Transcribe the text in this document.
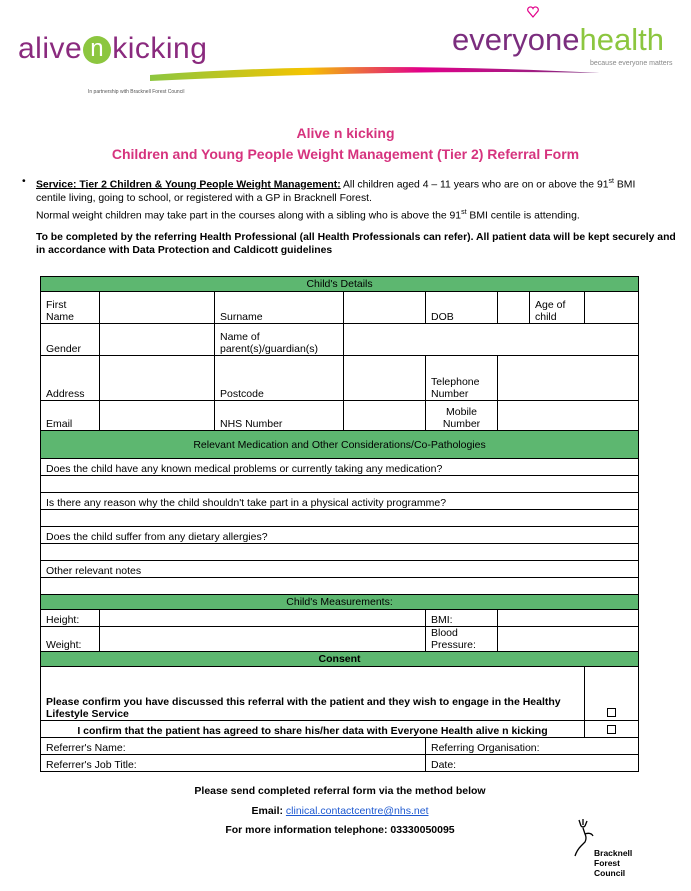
alive n kicking
In partnership with Bracknell Forest Council
everyonehealth
because everyone matters
Alive n kicking
Children and Young People Weight Management (Tier 2) Referral Form
• Service: Tier 2 Children & Young People Weight Management: All children aged 4 – 11 years who are on or above the 91st BMI centile living, going to school, or registered with a GP in Bracknell Forest.
Normal weight children may take part in the courses along with a sibling who is above the 91st BMI centile is attending.
To be completed by the referring Health Professional (all Health Professionals can refer). All patient data will be kept securely and in accordance with Data Protection and Caldicott guidelines
Child's Details							
First Name		Surname		DOB		Age of child	
Gender		Name of parent(s)/guardian(s)					
Address		Postcode		Telephone Number			
Email		NHS Number		Mobile Number			
Relevant Medication and Other Considerations/Co-Pathologies							
Does the child have any known medical problems or currently taking any medication?							

Is there any reason why the child shouldn't take part in a physical activity programme?							

Does the child suffer from any dietary allergies?							

Other relevant notes							

Child's Measurements:							
Height:				BMI:			
Weight:				Blood Pressure:			
Consent							
Please confirm you have discussed this referral with the patient and they wish to engage in the Healthy Lifestyle Service							
I confirm that the patient has agreed to share his/her data with Everyone Health alive n kicking							
Referrer's Name:				Referring Organisation:			
Referrer's Job Title:				Date:			
Please send completed referral form via the method below
Email: clinical.contactcentre@nhs.net
For more information telephone: 03330050095
Bracknell
Forest
Council
